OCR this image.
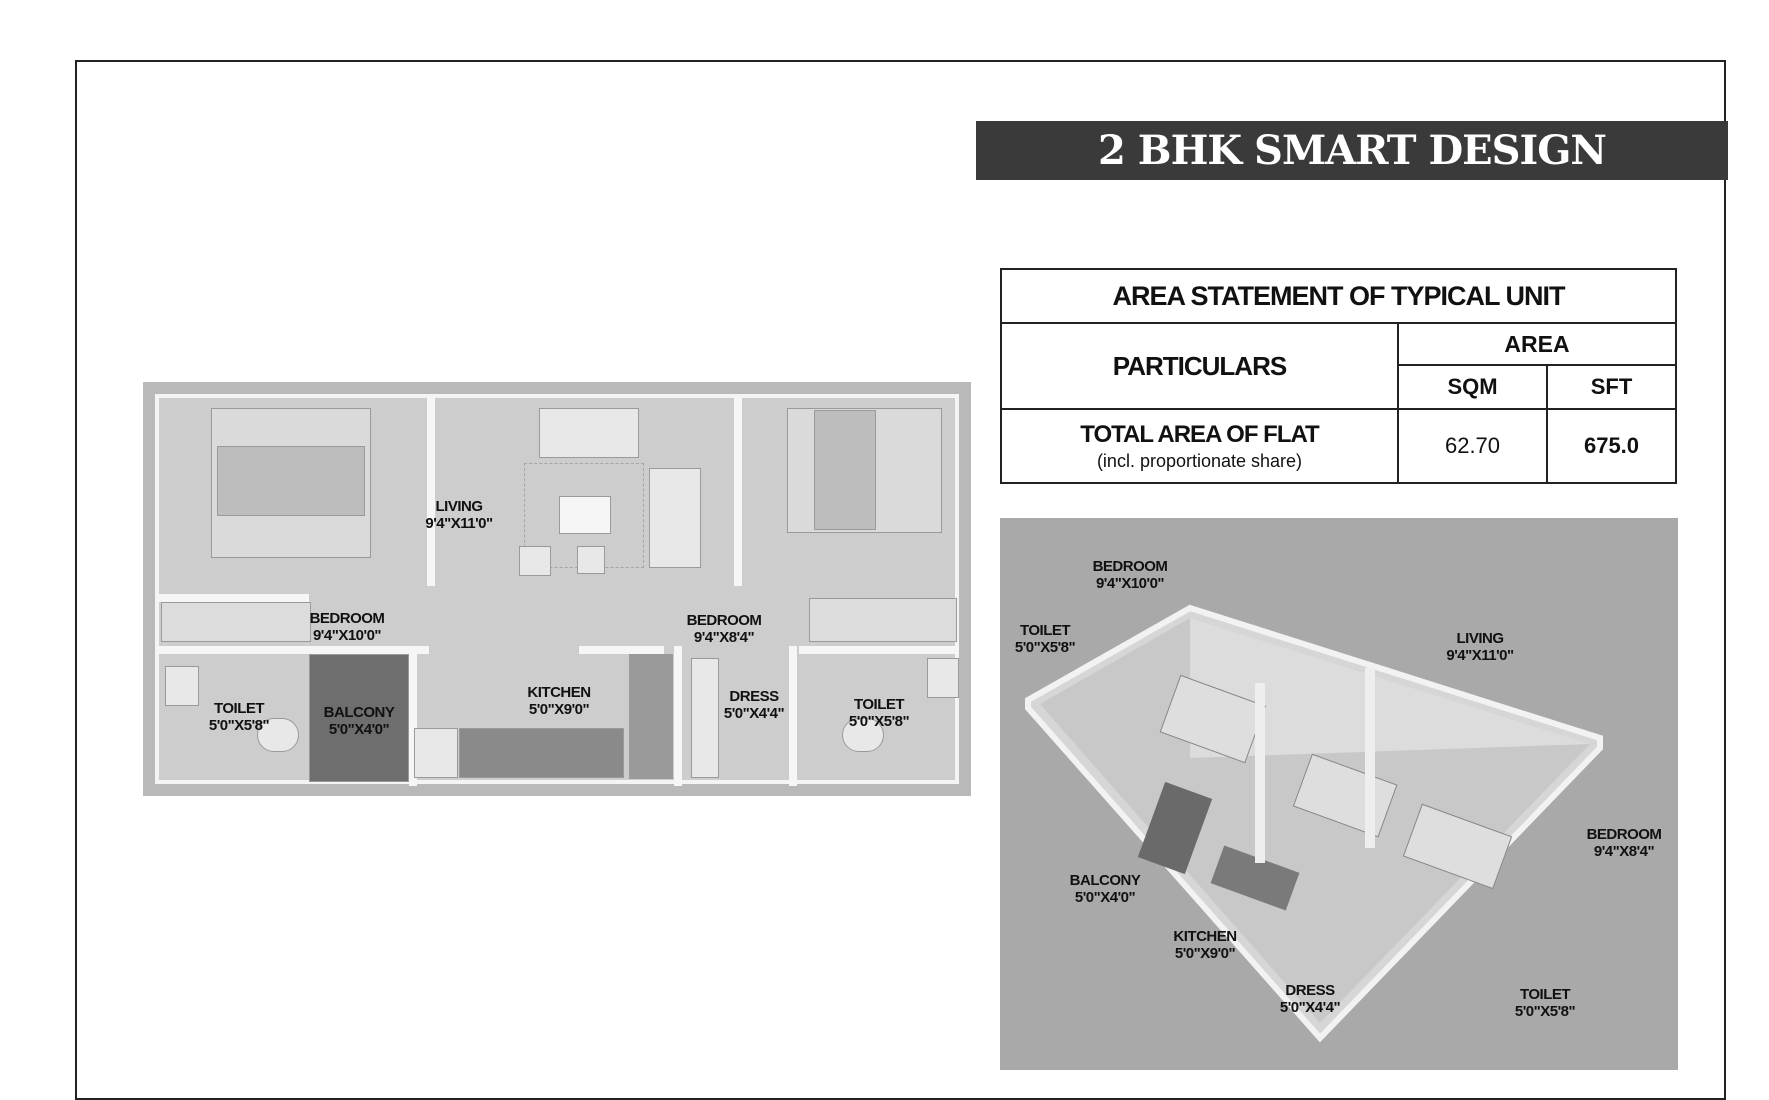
2 BHK SMART DESIGN
AREA STATEMENT OF TYPICAL UNIT		
PARTICULARS	AREA	
	SQM	SFT

TOTAL AREA OF FLAT
(incl. proportionate share)	62.70	675.0
LIVING
9'4"X11'0"
BEDROOM
9'4"X10'0"
BEDROOM
9'4"X8'4"
TOILET
5'0"X5'8"
BALCONY
5'0"X4'0"
KITCHEN
5'0"X9'0"
DRESS
5'0"X4'4"
TOILET
5'0"X5'8"
BEDROOM
9'4"X10'0"
TOILET
5'0"X5'8"
LIVING
9'4"X11'0"
BEDROOM
9'4"X8'4"
BALCONY
5'0"X4'0"
KITCHEN
5'0"X9'0"
DRESS
5'0"X4'4"
TOILET
5'0"X5'8"
